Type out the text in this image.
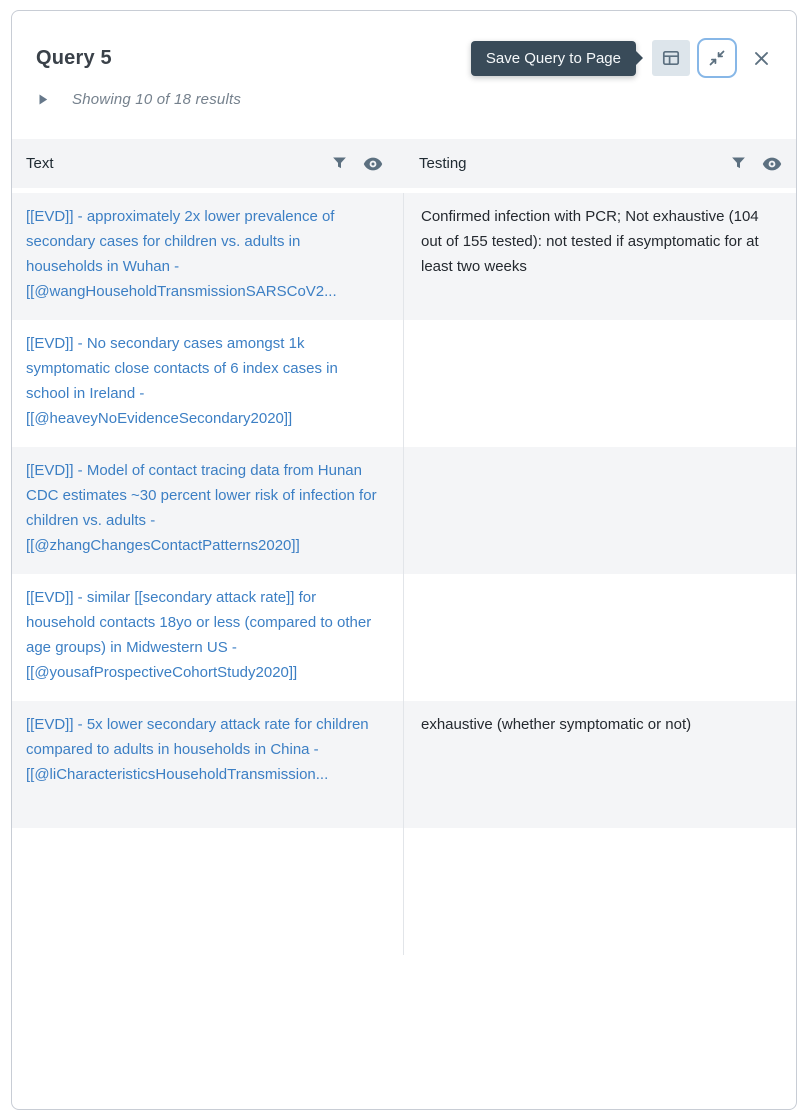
Query 5	Save Query to Page
Showing 10 of 18 results
Text	Testing
[[EVD]] - approximately 2x lower prevalence of secondary cases for children vs. adults in households in Wuhan - [[@wangHouseholdTransmissionSARSCoV2...
Confirmed infection with PCR; Not exhaustive (104 out of 155 tested): not tested if asymptomatic for at least two weeks
[[EVD]] - No secondary cases amongst 1k symptomatic close contacts of 6 index cases in school in Ireland - [[@heaveyNoEvidenceSecondary2020]]
[[EVD]] - Model of contact tracing data from Hunan CDC estimates ~30 percent lower risk of infection for children vs. adults - [[@zhangChangesContactPatterns2020]]
[[EVD]] - similar [[secondary attack rate]] for household contacts 18yo or less (compared to other age groups) in Midwestern US - [[@yousafProspectiveCohortStudy2020]]
[[EVD]] - 5x lower secondary attack rate for children compared to adults in households in China - [[@liCharacteristicsHouseholdTransmission...
exhaustive (whether symptomatic or not)
